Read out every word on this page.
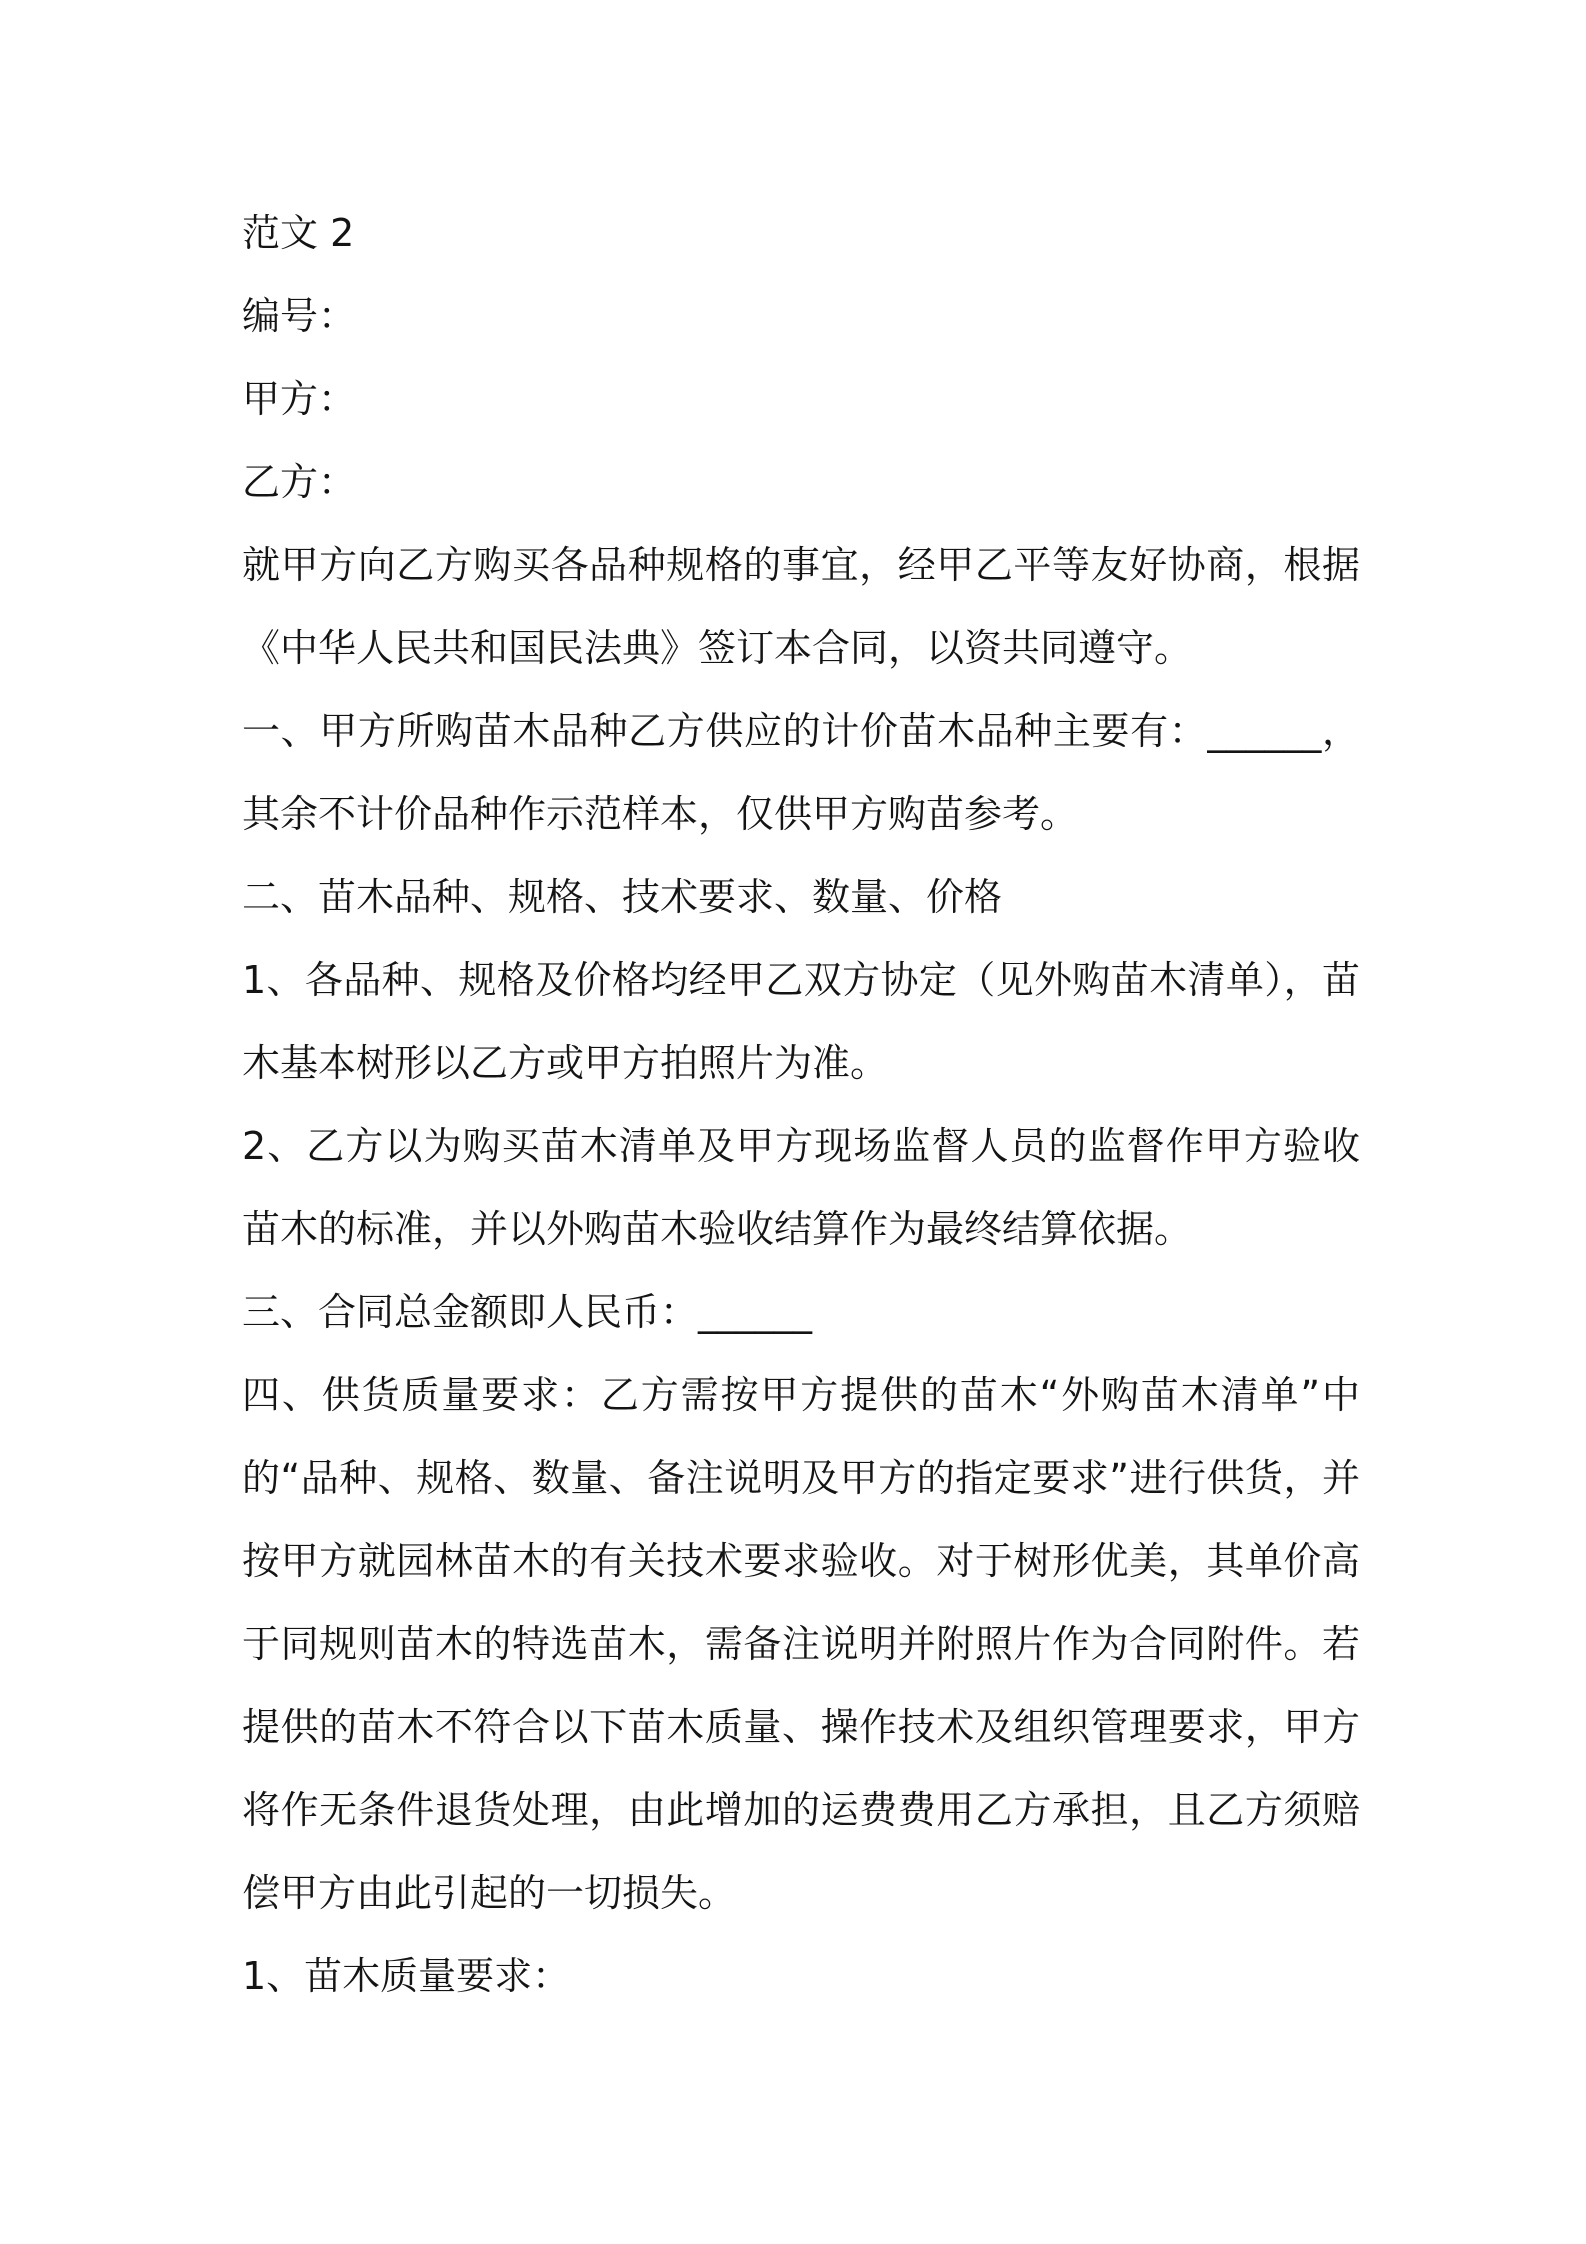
范文 2

编号：

甲方：

乙方：

就甲方向乙方购买各品种规格的事宜，经甲乙平等友好协商，根据《中华人民共和国民法典》签订本合同，以资共同遵守。

一、甲方所购苗木品种乙方供应的计价苗木品种主要有：______，其余不计价品种作示范样本，仅供甲方购苗参考。

二、苗木品种、规格、技术要求、数量、价格

1、各品种、规格及价格均经甲乙双方协定（见外购苗木清单），苗木基本树形以乙方或甲方拍照片为准。

2、乙方以为购买苗木清单及甲方现场监督人员的监督作甲方验收苗木的标准，并以外购苗木验收结算作为最终结算依据。

三、合同总金额即人民币：______

四、供货质量要求：乙方需按甲方提供的苗木“外购苗木清单”中的“品种、规格、数量、备注说明及甲方的指定要求”进行供货，并按甲方就园林苗木的有关技术要求验收。对于树形优美，其单价高于同规则苗木的特选苗木，需备注说明并附照片作为合同附件。若提供的苗木不符合以下苗木质量、操作技术及组织管理要求，甲方将作无条件退货处理，由此增加的运费费用乙方承担，且乙方须赔偿甲方由此引起的一切损失。

1、苗木质量要求：
